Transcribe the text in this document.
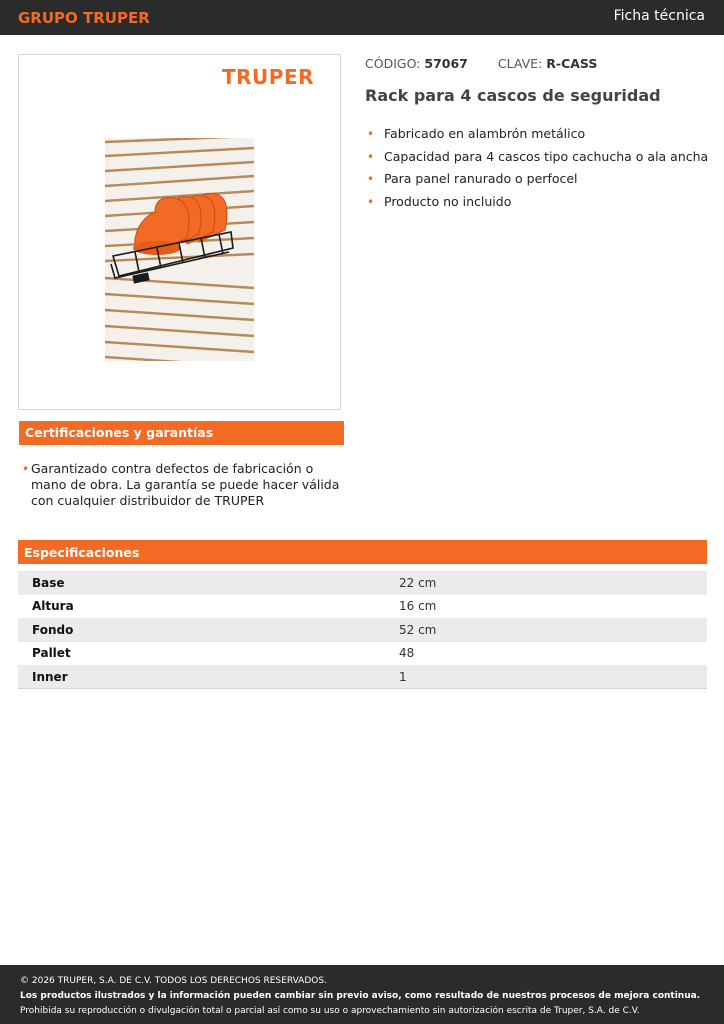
GRUPO TRUPER	Ficha técnica
TRUPER
CÓDIGO: 57067 CLAVE: R-CASS
Rack para 4 cascos de seguridad
• Fabricado en alambrón metálico
• Capacidad para 4 cascos tipo cachucha o ala ancha
• Para panel ranurado o perfocel
• Producto no incluido
Certificaciones y garantías
• Garantizado contra defectos de fabricación o mano de obra. La garantía se puede hacer válida con cualquier distribuidor de TRUPER
Especificaciones
Base	22 cm
Altura	16 cm
Fondo	52 cm
Pallet	48
Inner	1
© 2026 TRUPER, S.A. DE C.V. TODOS LOS DERECHOS RESERVADOS.
Los productos ilustrados y la información pueden cambiar sin previo aviso, como resultado de nuestros procesos de mejora continua.
Prohibida su reproducción o divulgación total o parcial así como su uso o aprovechamiento sin autorización escrita de Truper, S.A. de C.V.
